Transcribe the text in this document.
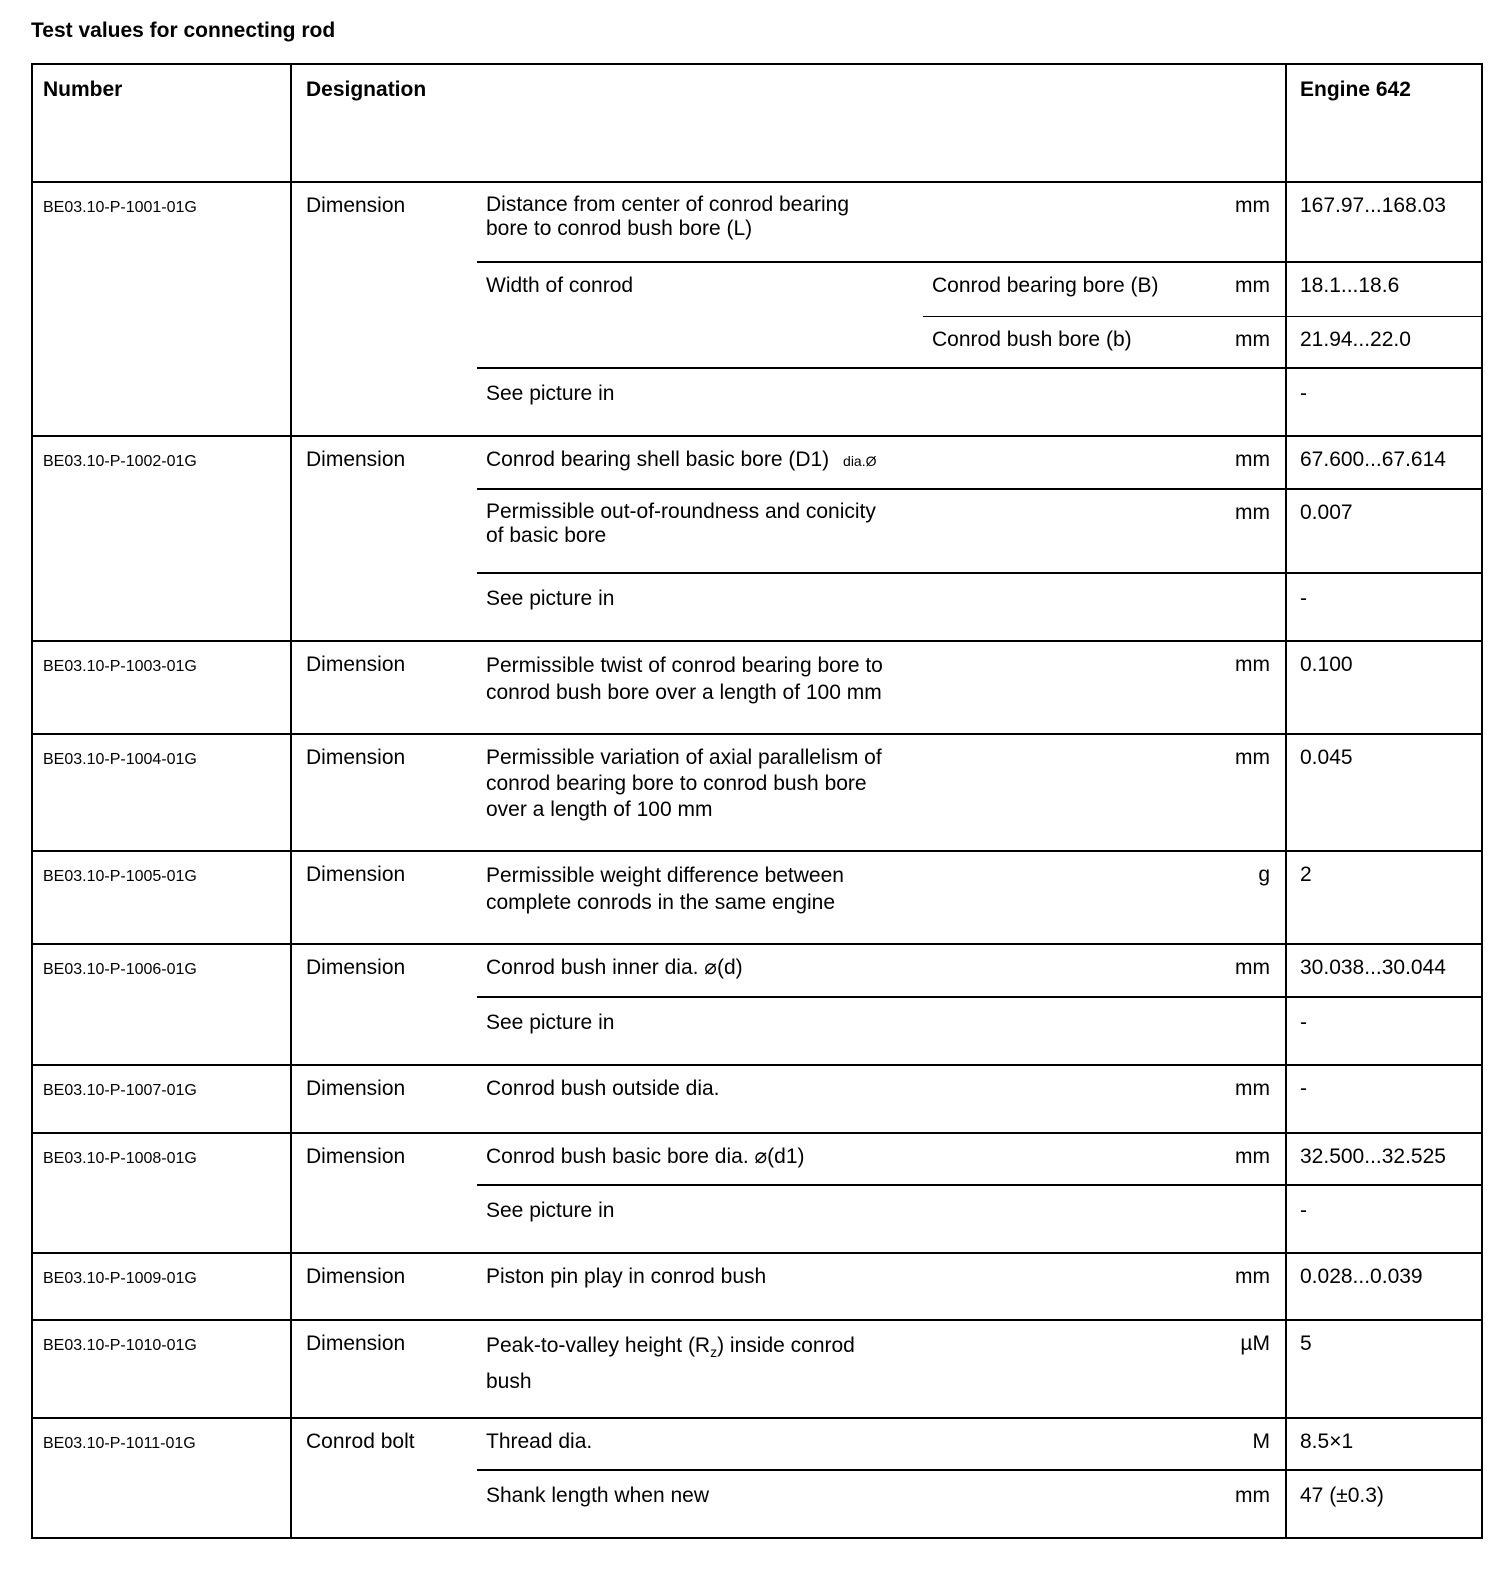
Test values for connecting rod
Number	Designation				Engine 642
BE03.10-P-1001-01G	Dimension	Distance from center of conrod bearing
bore to conrod bush bore (L)		mm	167.97...168.03
		Width of conrod	Conrod bearing bore (B)	mm	18.1...18.6
			Conrod bush bore (b)	mm	21.94...22.0
		See picture in			-
BE03.10-P-1002-01G	Dimension	Conrod bearing shell basic bore (D1) dia.Ø		mm	67.600...67.614

		Permissible out-of-roundness and conicity
of basic bore		mm	0.007
		See picture in			-
BE03.10-P-1003-01G	Dimension	Permissible twist of conrod bearing bore to
conrod bush bore over a length of 100 mm		mm	0.100
BE03.10-P-1004-01G	Dimension	Permissible variation of axial parallelism of
conrod bearing bore to conrod bush bore
over a length of 100 mm		mm	0.045
BE03.10-P-1005-01G	Dimension	Permissible weight difference between
complete conrods in the same engine		g	2
BE03.10-P-1006-01G	Dimension	Conrod bush inner dia. ⌀(d)		mm	30.038...30.044
		See picture in			-
BE03.10-P-1007-01G	Dimension	Conrod bush outside dia.		mm	-
BE03.10-P-1008-01G	Dimension	Conrod bush basic bore dia. ⌀(d1)		mm	32.500...32.525
		See picture in			-
BE03.10-P-1009-01G	Dimension	Piston pin play in conrod bush		mm	0.028...0.039
BE03.10-P-1010-01G	Dimension	Peak-to-valley height $(R_z)$ inside conrod
bush		µM	5
BE03.10-P-1011-01G	Conrod bolt	Thread dia.		M	8.5×1
		Shank length when new		mm	47 (±0.3)
